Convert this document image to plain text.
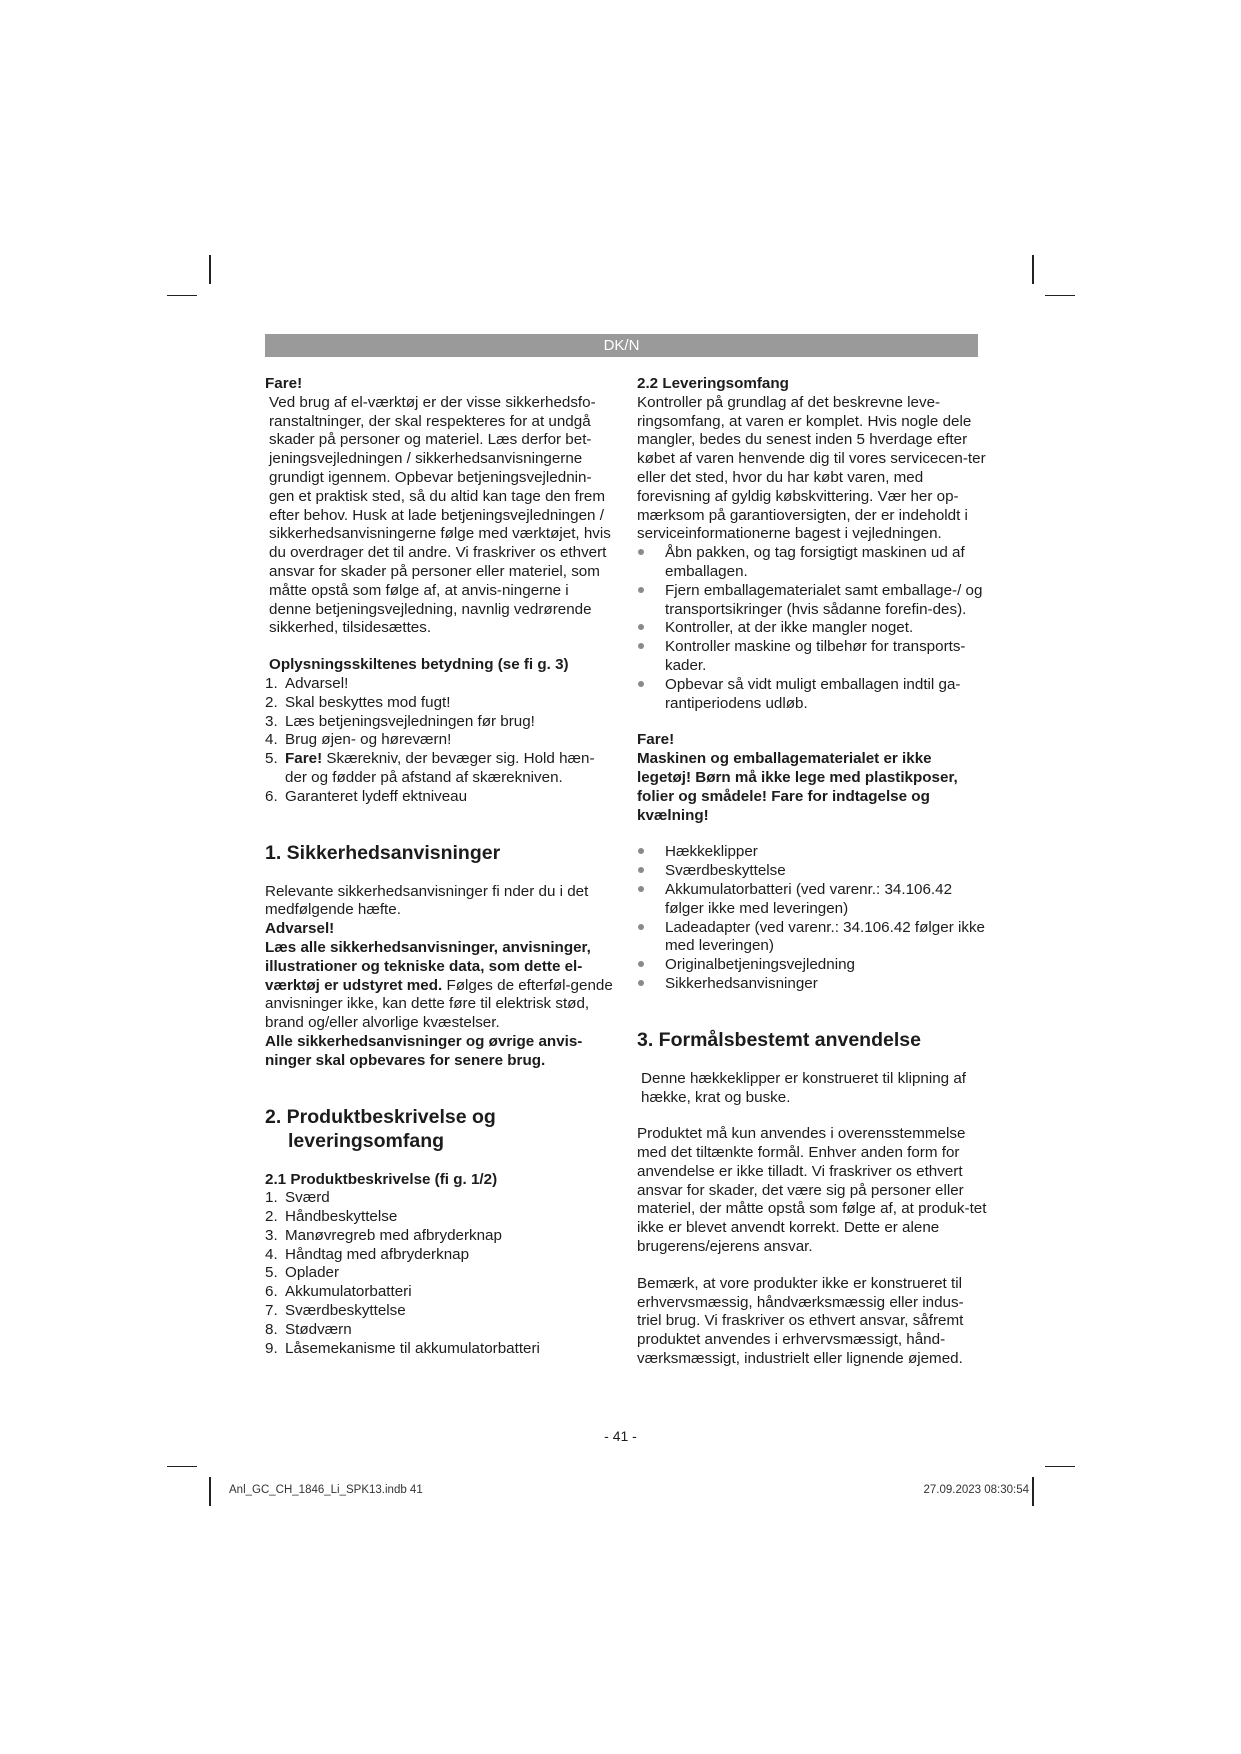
DK/N

Fare!

Ved brug af el-værktøj er der visse sikkerhedsfo-ranstaltninger, der skal respekteres for at undgå skader på personer og materiel. Læs derfor bet-jeningsvejledningen / sikkerhedsanvisningerne grundigt igennem. Opbevar betjeningsvejlednin-gen et praktisk sted, så du altid kan tage den frem efter behov. Husk at lade betjeningsvejledningen / sikkerhedsanvisningerne følge med værktøjet, hvis du overdrager det til andre. Vi fraskriver os ethvert ansvar for skader på personer eller materiel, som måtte opstå som følge af, at anvis-ningerne i denne betjeningsvejledning, navnlig vedrørende sikkerhed, tilsidesættes.

Oplysningsskiltenes betydning (se fi g. 3)

1. Advarsel!
2. Skal beskyttes mod fugt!
3. Læs betjeningsvejledningen før brug!
4. Brug øjen- og høreværn!
5. Fare! Skærekniv, der bevæger sig. Hold hæn-der og fødder på afstand af skærekniven.
6. Garanteret lydeff ektniveau
1. Sikkerhedsanvisninger

Relevante sikkerhedsanvisninger fi nder du i det medfølgende hæfte.

Advarsel!

Læs alle sikkerhedsanvisninger, anvisninger, illustrationer og tekniske data, som dette el-værktøj er udstyret med. Følges de efterføl-gende anvisninger ikke, kan dette føre til elektrisk stød, brand og/eller alvorlige kvæstelser.

Alle sikkerhedsanvisninger og øvrige anvis-ninger skal opbevares for senere brug.

2. Produktbeskrivelse og
leveringsomfang

2.1 Produktbeskrivelse (fi g. 1/2)

1. Sværd
2. Håndbeskyttelse
3. Manøvregreb med afbryderknap
4. Håndtag med afbryderknap
5. Oplader
6. Akkumulatorbatteri
7. Sværdbeskyttelse
8. Stødværn
9. Låsemekanisme til akkumulatorbatteri

2.2 Leveringsomfang

Kontroller på grundlag af det beskrevne leve-ringsomfang, at varen er komplet. Hvis nogle dele mangler, bedes du senest inden 5 hverdage efter købet af varen henvende dig til vores servicecen-ter eller det sted, hvor du har købt varen, med forevisning af gyldig købskvittering. Vær her op-mærksom på garantioversigten, der er indeholdt i serviceinformationerne bagest i vejledningen.

Åbn pakken, og tag forsigtigt maskinen ud af emballagen.
Fjern emballagematerialet samt emballage-/ og transportsikringer (hvis sådanne forefin-des).
Kontroller, at der ikke mangler noget.
Kontroller maskine og tilbehør for transports-kader.
Opbevar så vidt muligt emballagen indtil ga-rantiperiodens udløb.

Fare!

Maskinen og emballagematerialet er ikke legetøj! Børn må ikke lege med plastikposer, folier og smådele! Fare for indtagelse og kvælning!

Hækkeklipper
Sværdbeskyttelse
Akkumulatorbatteri (ved varenr.: 34.106.42 følger ikke med leveringen)
Ladeadapter (ved varenr.: 34.106.42 følger ikke med leveringen)
Originalbetjeningsvejledning
Sikkerhedsanvisninger
3. Formålsbestemt anvendelse

Denne hækkeklipper er konstrueret til klipning af hække, krat og buske.

Produktet må kun anvendes i overensstemmelse med det tiltænkte formål. Enhver anden form for anvendelse er ikke tilladt. Vi fraskriver os ethvert ansvar for skader, det være sig på personer eller materiel, der måtte opstå som følge af, at produk-tet ikke er blevet anvendt korrekt. Dette er alene brugerens/ejerens ansvar.

Bemærk, at vore produkter ikke er konstrueret til erhvervsmæssig, håndværksmæssig eller indus-triel brug. Vi fraskriver os ethvert ansvar, såfremt produktet anvendes i erhvervsmæssigt, hånd-værksmæssigt, industrielt eller lignende øjemed.

- 41 -
Anl_GC_CH_1846_Li_SPK13.indb 41	27.09.2023 08:30:54
